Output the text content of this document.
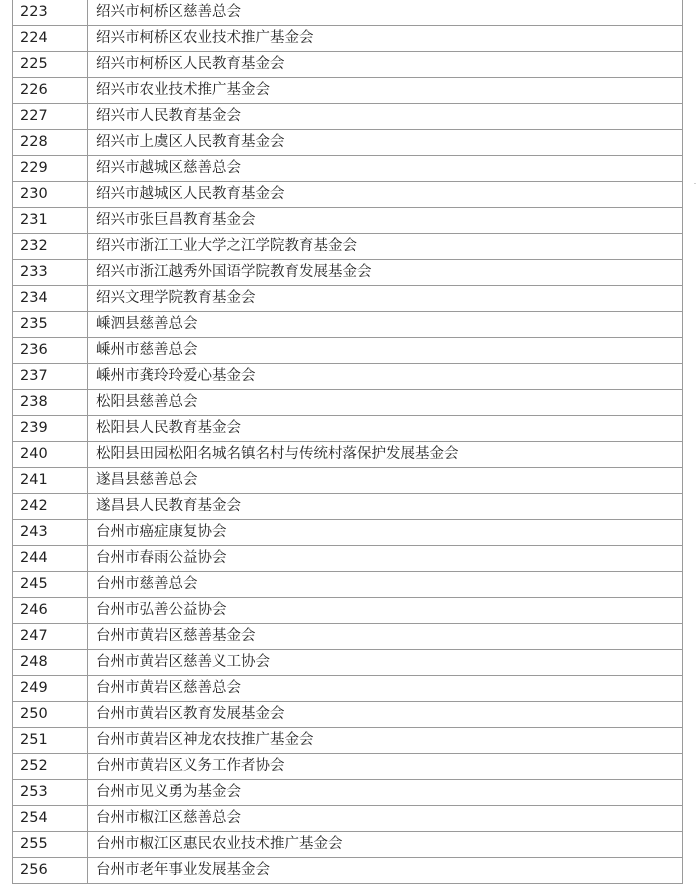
223	绍兴市柯桥区慈善总会
224	绍兴市柯桥区农业技术推广基金会
225	绍兴市柯桥区人民教育基金会
226	绍兴市农业技术推广基金会
227	绍兴市人民教育基金会
228	绍兴市上虞区人民教育基金会
229	绍兴市越城区慈善总会
230	绍兴市越城区人民教育基金会
231	绍兴市张巨昌教育基金会
232	绍兴市浙江工业大学之江学院教育基金会
233	绍兴市浙江越秀外国语学院教育发展基金会
234	绍兴文理学院教育基金会
235	嵊泗县慈善总会
236	嵊州市慈善总会
237	嵊州市龚玲玲爱心基金会
238	松阳县慈善总会
239	松阳县人民教育基金会
240	松阳县田园松阳名城名镇名村与传统村落保护发展基金会
241	遂昌县慈善总会
242	遂昌县人民教育基金会
243	台州市癌症康复协会
244	台州市春雨公益协会
245	台州市慈善总会
246	台州市弘善公益协会
247	台州市黄岩区慈善基金会
248	台州市黄岩区慈善义工协会
249	台州市黄岩区慈善总会
250	台州市黄岩区教育发展基金会
251	台州市黄岩区神龙农技推广基金会
252	台州市黄岩区义务工作者协会
253	台州市见义勇为基金会
254	台州市椒江区慈善总会
255	台州市椒江区惠民农业技术推广基金会
256	台州市老年事业发展基金会
